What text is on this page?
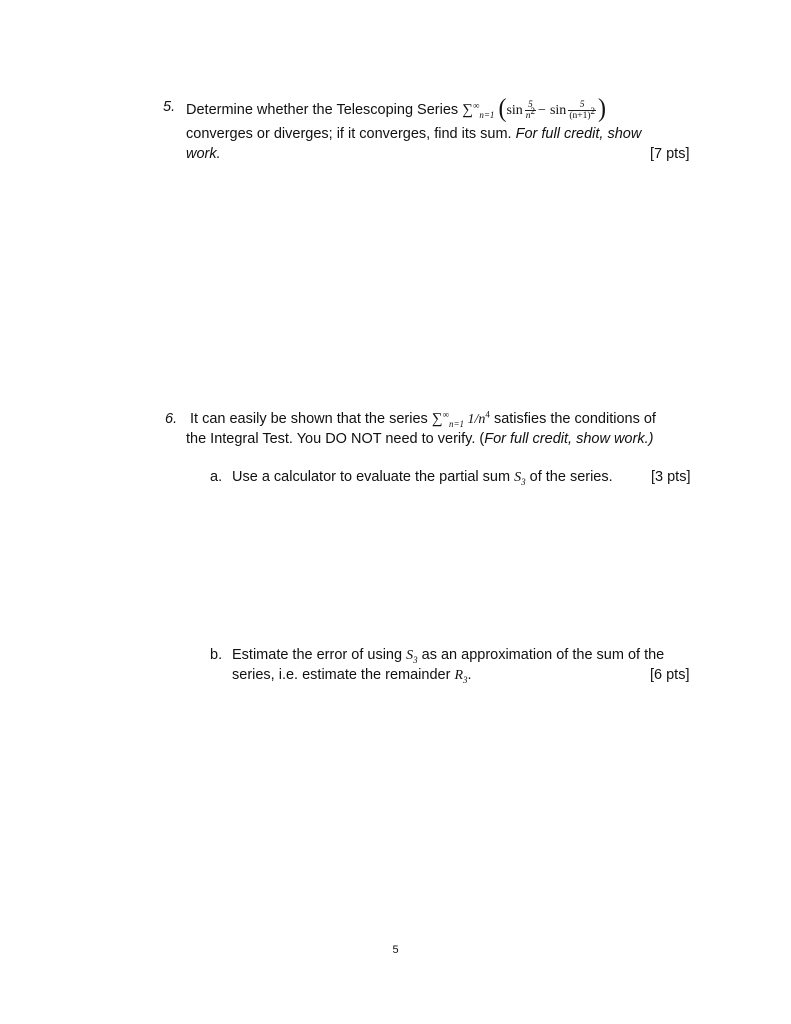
5. Determine whether the Telescoping Series $\sum^\infty_{n=1}$ ($\sin \frac{5}{n^2} - \sin \frac{5}{(n+1)^2}$ )
converges or diverges; if it converges, find its sum. For full credit, show
work.	[7 pts]
6. It can easily be shown that the series $\sum^\infty_{n=1}$ $1/n^4$ satisfies the conditions of
the Integral Test. You DO NOT need to verify. (For full credit, show work.)
a. Use a calculator to evaluate the partial sum $S_3$ of the series.	[3 pts]
b. Estimate the error of using $S_3$ as an approximation of the sum of the
series, i.e. estimate the remainder $R_3$.	[6 pts]
5
